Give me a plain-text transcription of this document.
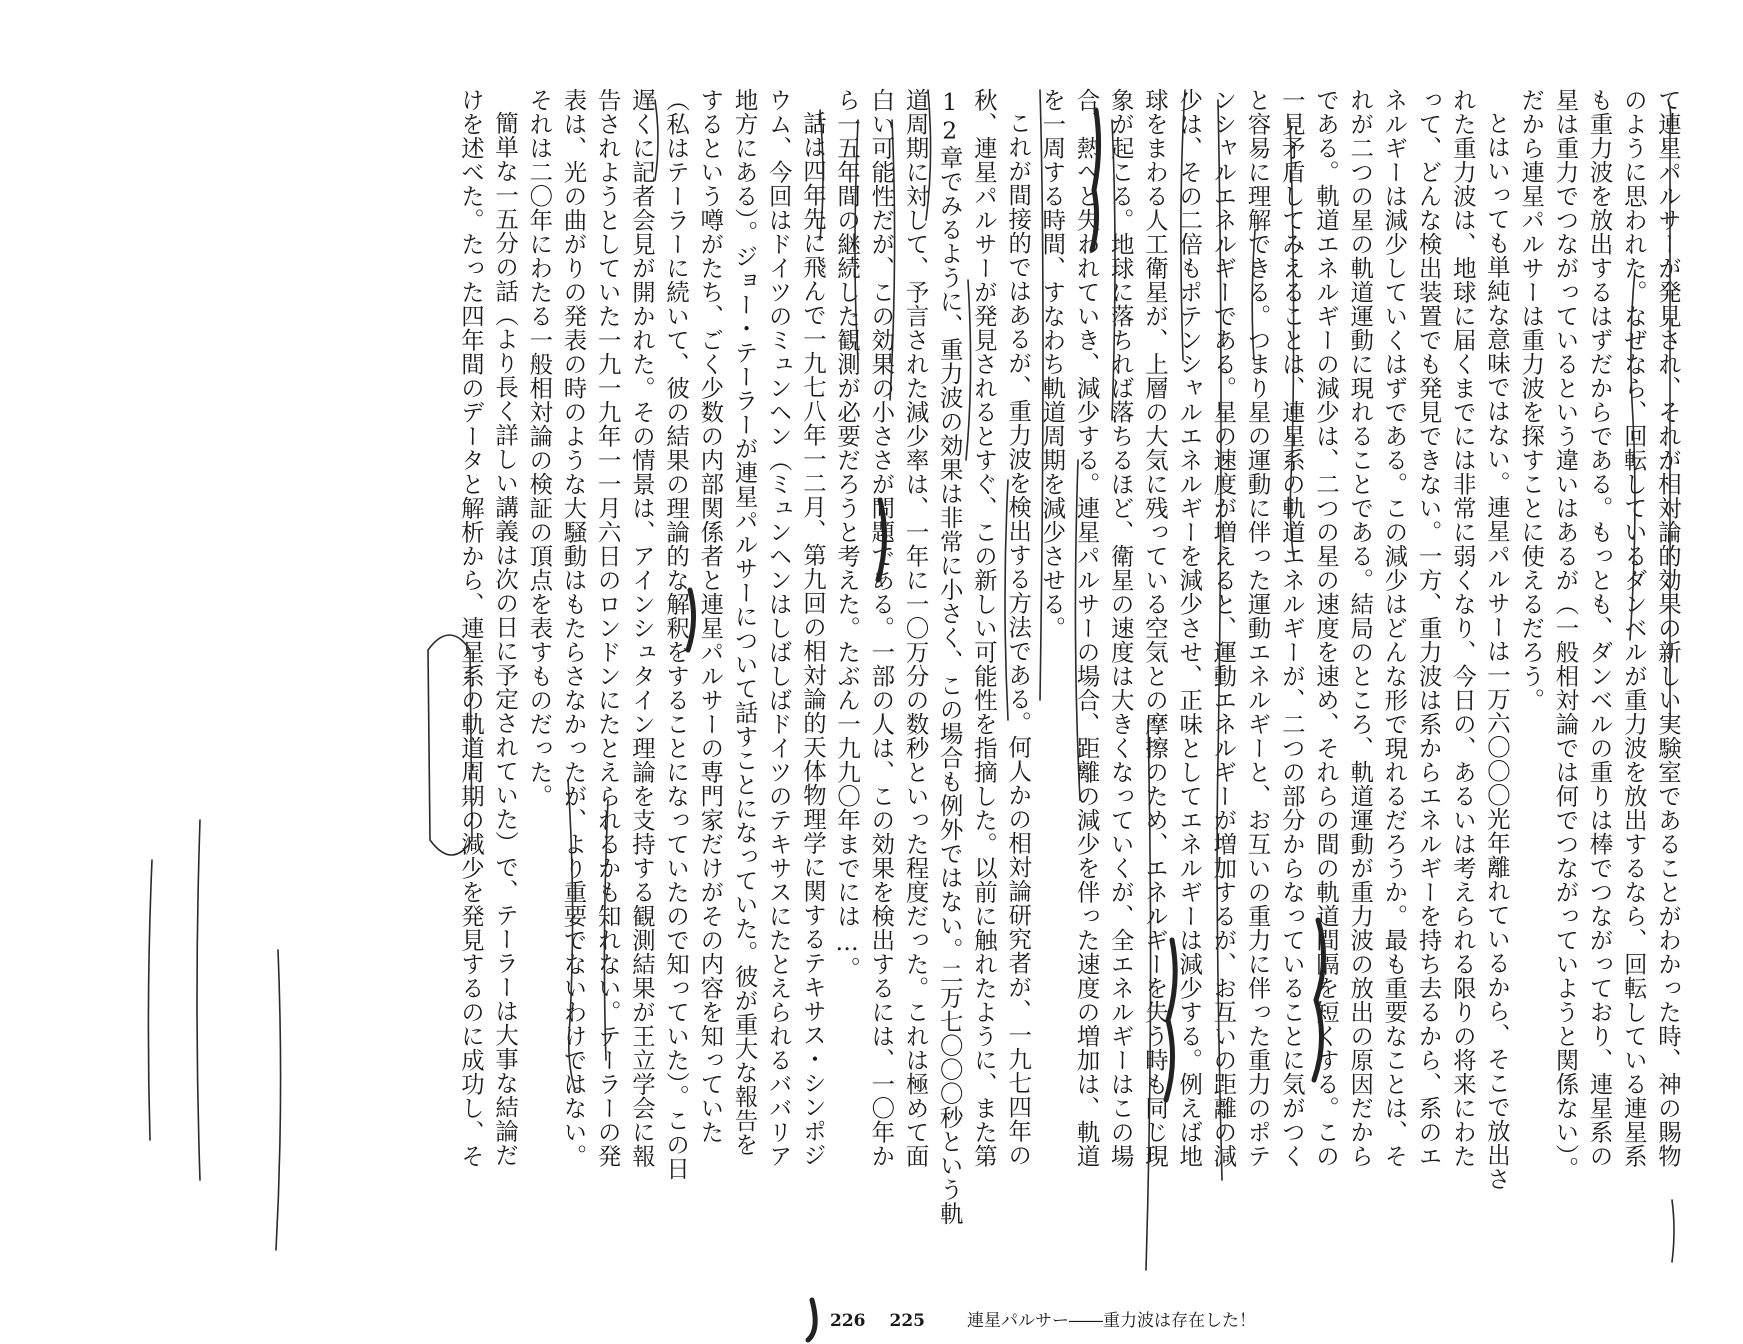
て連星パルサーが発見され、それが相対論的効果の新しい実験室であることがわかった時、神の賜物
のように思われた。なぜなら、回転しているダンベルが重力波を放出するなら、回転している連星系
も重力波を放出するはずだからである。もっとも、ダンベルの重りは棒でつながっており、連星系の
星は重力でつながっているという違いはあるが（一般相対論では何でつながっていようと関係ない）。
だから連星パルサーは重力波を探すことに使えるだろう。
とはいっても単純な意味ではない。連星パルサーは一万六〇〇〇光年離れているから、そこで放出さ
れた重力波は、地球に届くまでには非常に弱くなり、今日の、あるいは考えられる限りの将来にわた
って、どんな検出装置でも発見できない。一方、重力波は系からエネルギーを持ち去るから、系のエ
ネルギーは減少していくはずである。この減少はどんな形で現れるだろうか。最も重要なことは、そ
れが二つの星の軌道運動に現れることである。結局のところ、軌道運動が重力波の放出の原因だから
である。軌道エネルギーの減少は、二つの星の速度を速め、それらの間の軌道間隔を短くする。この
一見矛盾してみえることは、連星系の軌道エネルギーが、二つの部分からなっていることに気がつく
と容易に理解できる。つまり星の運動に伴った運動エネルギーと、お互いの重力に伴った重力のポテ
ンシャルエネルギーである。星の速度が増えると、運動エネルギーが増加するが、お互いの距離の減
少は、その二倍もポテンシャルエネルギーを減少させ、正味としてエネルギーは減少する。例えば地
球をまわる人工衛星が、上層の大気に残っている空気との摩擦のため、エネルギーを失う時も同じ現
象が起こる。地球に落ちれば落ちるほど、衛星の速度は大きくなっていくが、全エネルギーはこの場
合、熱へと失われていき、減少する。連星パルサーの場合、距離の減少を伴った速度の増加は、軌道
を一周する時間、すなわち軌道周期を減少させる。
これが間接的ではあるが、重力波を検出する方法である。何人かの相対論研究者が、一九七四年の
秋、連星パルサーが発見されるとすぐ、この新しい可能性を指摘した。以前に触れたように、また第
12章でみるように、重力波の効果は非常に小さく、この場合も例外ではない。二万七〇〇〇秒という軌
道周期に対して、予言された減少率は、一年に一〇万分の数秒といった程度だった。これは極めて面
白い可能性だが、この効果の小ささが問題である。一部の人は、この効果を検出するには、一〇年か
ら一五年間の継続した観測が必要だろうと考えた。たぶん一九九〇年までには…。
話は四年先に飛んで一九七八年一二月、第九回の相対論的天体物理学に関するテキサス・シンポジ
ウム、今回はドイツのミュンヘン（ミュンヘンはしばしばドイツのテキサスにたとえられるババリア
地方にある）。ジョー・テーラーが連星パルサーについて話すことになっていた。彼が重大な報告を
するという噂がたち、ごく少数の内部関係者と連星パルサーの専門家だけがその内容を知っていた
（私はテーラーに続いて、彼の結果の理論的な解釈をすることになっていたので知っていた）。この日
遅くに記者会見が開かれた。その情景は、アインシュタイン理論を支持する観測結果が王立学会に報
告されようとしていた一九一九年一一月六日のロンドンにたとえられるかも知れない。テーラーの発
表は、光の曲がりの発表の時のような大騒動はもたらさなかったが、より重要でないわけではない。
それは二〇年にわたる一般相対論の検証の頂点を表すものだった。
簡単な一五分の話（より長く詳しい講義は次の日に予定されていた）で、テーラーは大事な結論だ
けを述べた。たった四年間のデータと解析から、連星系の軌道周期の減少を発見するのに成功し、そ
226 225 連星パルサー――重力波は存在した！
